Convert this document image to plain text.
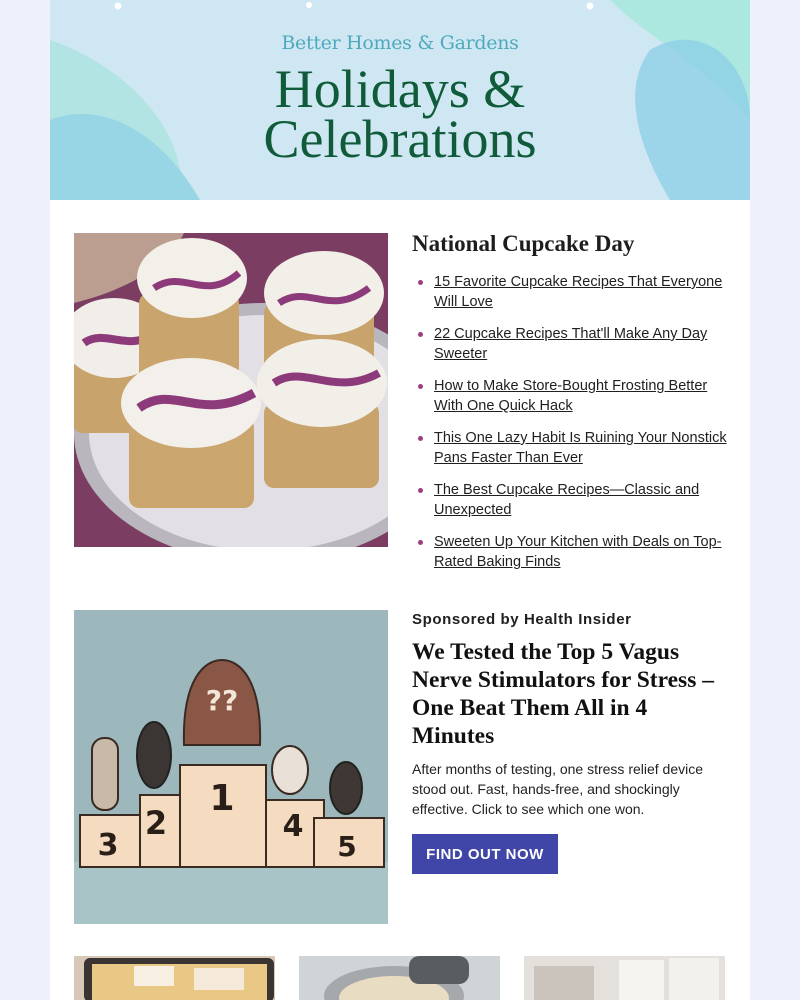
Better Homes & Gardens
Holidays &
Celebrations
National Cupcake Day
15 Favorite Cupcake Recipes That Everyone Will Love
22 Cupcake Recipes That'll Make Any Day Sweeter
How to Make Store-Bought Frosting Better With One Quick Hack
This One Lazy Habit Is Ruining Your Nonstick Pans Faster Than Ever
The Best Cupcake Recipes—Classic and Unexpected
Sweeten Up Your Kitchen with Deals on Top-Rated Baking Finds
??
1
2
3
4
5
Sponsored by Health Insider
We Tested the Top 5 Vagus Nerve Stimulators for Stress – One Beat Them All in 4 Minutes
After months of testing, one stress relief device stood out. Fast, hands-free, and shockingly effective. Click to see which one won.
FIND OUT NOW
